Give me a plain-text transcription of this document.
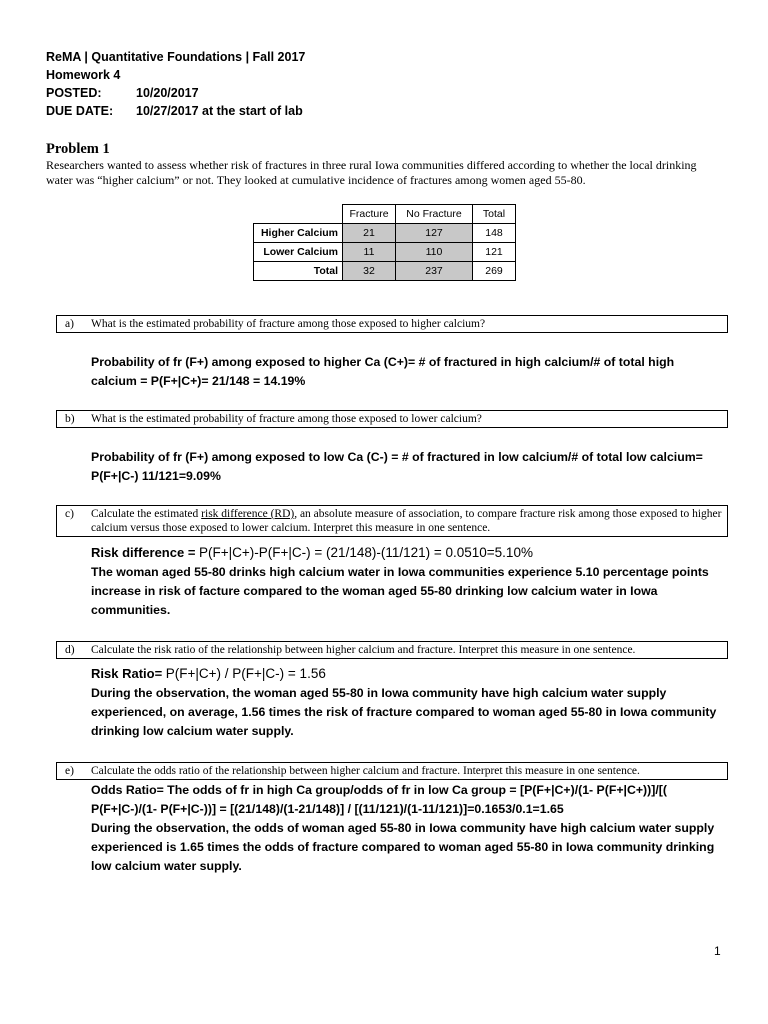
ReMA | Quantitative Foundations | Fall 2017
Homework 4
POSTED:	10/20/2017
DUE DATE: 10/27/2017 at the start of lab
Problem 1
Researchers wanted to assess whether risk of fractures in three rural Iowa communities differed according to whether the local drinking water was “higher calcium” or not. They looked at cumulative incidence of fractures among women aged 55-80.
	Fracture	No Fracture	Total
Higher Calcium	21	127	148
Lower Calcium	11	110	121
Total	32	237	269
a) What is the estimated probability of fracture among those exposed to higher calcium?
Probability of fr (F+) among exposed to higher Ca (C+)= # of fractured in high calcium/# of total high calcium = P(F+|C+)= 21/148 = 14.19%
b) What is the estimated probability of fracture among those exposed to lower calcium?
Probability of fr (F+) among exposed to low Ca (C-) = # of fractured in low calcium/# of total low calcium= P(F+|C-) 11/121=9.09%
c) Calculate the estimated risk difference (RD), an absolute measure of association, to compare fracture risk among those exposed to higher calcium versus those exposed to lower calcium. Interpret this measure in one sentence.
Risk difference = P(F+|C+)-P(F+|C-) = (21/148)-(11/121) = 0.0510=5.10%
The woman aged 55-80 drinks high calcium water in Iowa communities experience 5.10 percentage points increase in risk of facture compared to the woman aged 55-80 drinking low calcium water in Iowa communities.
d) Calculate the risk ratio of the relationship between higher calcium and fracture. Interpret this measure in one sentence.
Risk Ratio= P(F+|C+) / P(F+|C-) = 1.56
During the observation, the woman aged 55-80 in Iowa community have high calcium water supply experienced, on average, 1.56 times the risk of fracture compared to woman aged 55-80 in Iowa community drinking low calcium water supply.
e) Calculate the odds ratio of the relationship between higher calcium and fracture. Interpret this measure in one sentence.
Odds Ratio= The odds of fr in high Ca group/odds of fr in low Ca group = [P(F+|C+)/(1- P(F+|C+))]/[( P(F+|C-)/(1- P(F+|C-))] = [(21/148)/(1-21/148)] / [(11/121)/(1-11/121)]=0.1653/0.1=1.65
During the observation, the odds of woman aged 55-80 in Iowa community have high calcium water supply experienced is 1.65 times the odds of fracture compared to woman aged 55-80 in Iowa community drinking low calcium water supply.
1
